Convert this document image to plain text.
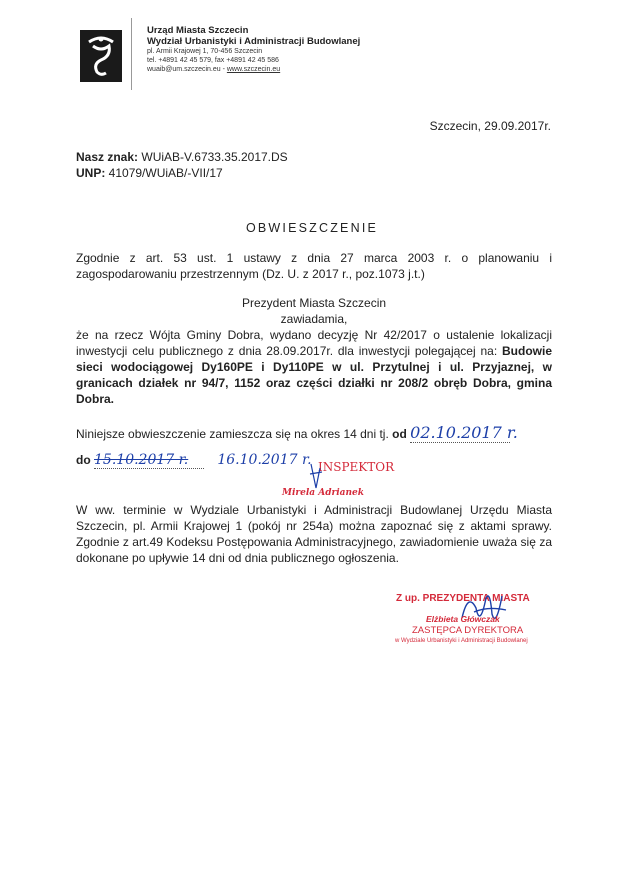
Urząd Miasta Szczecin
Wydział Urbanistyki i Administracji Budowlanej
pl. Armii Krajowej 1, 70-456 Szczecin
tel. +4891 42 45 579, fax +4891 42 45 586
wuaib@um.szczecin.eu - www.szczecin.eu
Szczecin, 29.09.2017r.
Nasz znak: WUiAB-V.6733.35.2017.DS
UNP: 41079/WUiAB/-VII/17
OBWIESZCZENIE
Zgodnie z art. 53 ust. 1 ustawy z dnia 27 marca 2003 r. o planowaniu i zagospodarowaniu przestrzennym (Dz. U. z 2017 r., poz.1073 j.t.)
Prezydent Miasta Szczecin
zawiadamia,
że na rzecz Wójta Gminy Dobra, wydano decyzję Nr 42/2017 o ustalenie lokalizacji inwestycji celu publicznego z dnia 28.09.2017r. dla inwestycji polegającej na: Budowie sieci wodociągowej Dy160PE i Dy110PE w ul. Przytulnej i ul. Przyjaznej, w granicach działek nr 94/7, 1152 oraz części działki nr 208/2 obręb Dobra, gmina Dobra.
Niniejsze obwieszczenie zamieszcza się na okres 14 dni tj. od 02.10.2017 r.
do 15.10.2017 r. 16.10.2017 r. INSPEKTOR
Mirela Adrianek
W ww. terminie w Wydziale Urbanistyki i Administracji Budowlanej Urzędu Miasta Szczecin, pl. Armii Krajowej 1 (pokój nr 254a) można zapoznać się z aktami sprawy. Zgodnie z art.49 Kodeksu Postępowania Administracyjnego, zawiadomienie uważa się za dokonane po upływie 14 dni od dnia publicznego ogłoszenia.
Z up. PREZYDENTA MIASTA
Elżbieta Główczak
ZASTĘPCA DYREKTORA
w Wydziale Urbanistyki i Administracji Budowlanej
